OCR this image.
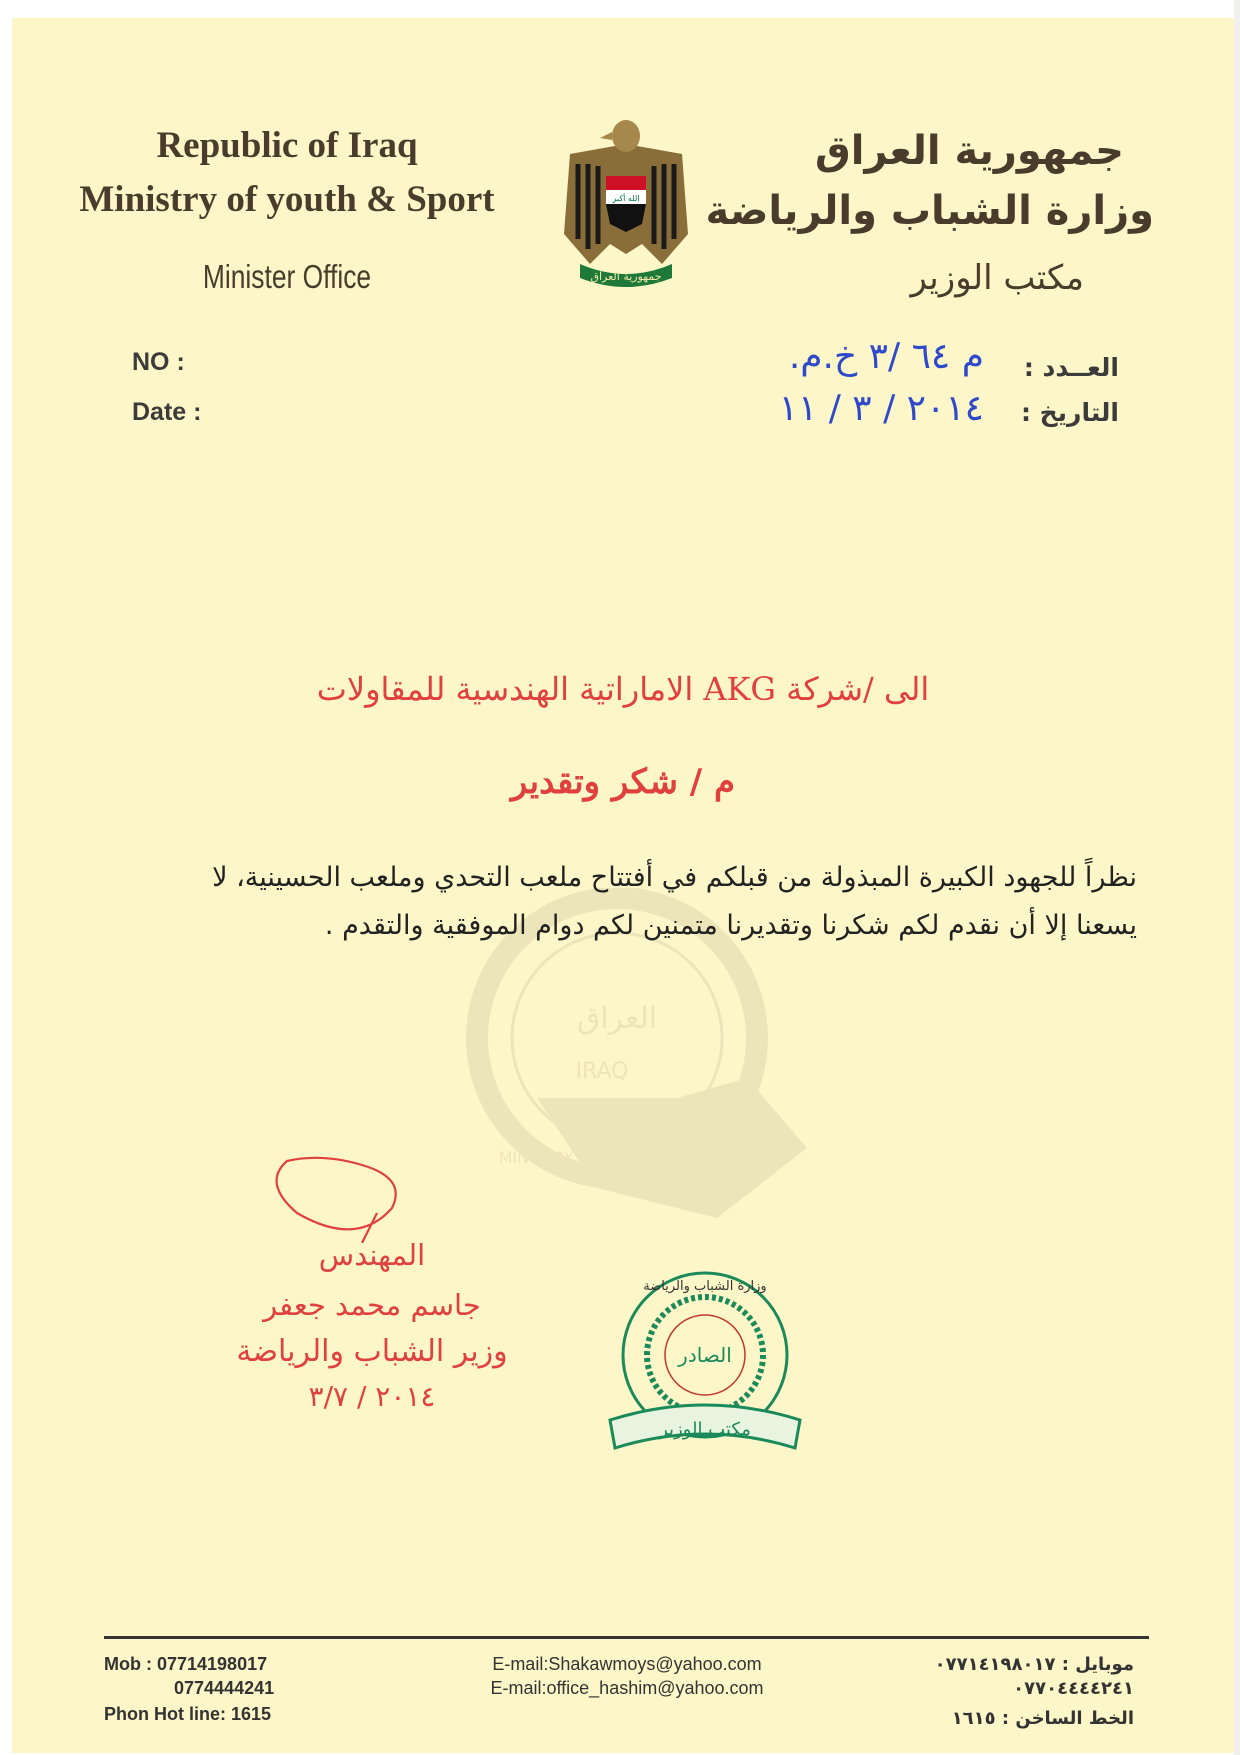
Republic of Iraq
Ministry of youth & Sport
Minister Office
جمهورية العراق
وزارة الشباب والرياضة
مكتب الوزير
الله أكبر
جمهورية العراق
NO :
Date :
العــدد :
التاريخ :
م ٦٤ /٣ خ.م.
٢٠١٤ / ٣ / ١١
العراق
IRAQ
MINISTRY OF YOUTH & SPORT
الى /شركة AKG الاماراتية الهندسية للمقاولات
م / شكر وتقدير
نظراً للجهود الكبيرة المبذولة من قبلكم في أفتتاح ملعب التحدي وملعب الحسينية، لا
يسعنا إلا أن نقدم لكم شكرنا وتقديرنا متمنين لكم دوام الموفقية والتقدم .
المهندس
جاسم محمد جعفر
وزير الشباب والرياضة
٢٠١٤ / ٣/٧
الصادر
وزارة الشباب والرياضة
مكتب الوزير
Mob : 07714198017
0774444241
Phon Hot line: 1615
E-mail:Shakawmoys@yahoo.com
E-mail:office_hashim@yahoo.com
موبايل : ٠٧٧١٤١٩٨٠١٧
٠٧٧٠٤٤٤٤٢٤١
الخط الساخن : ١٦١٥
